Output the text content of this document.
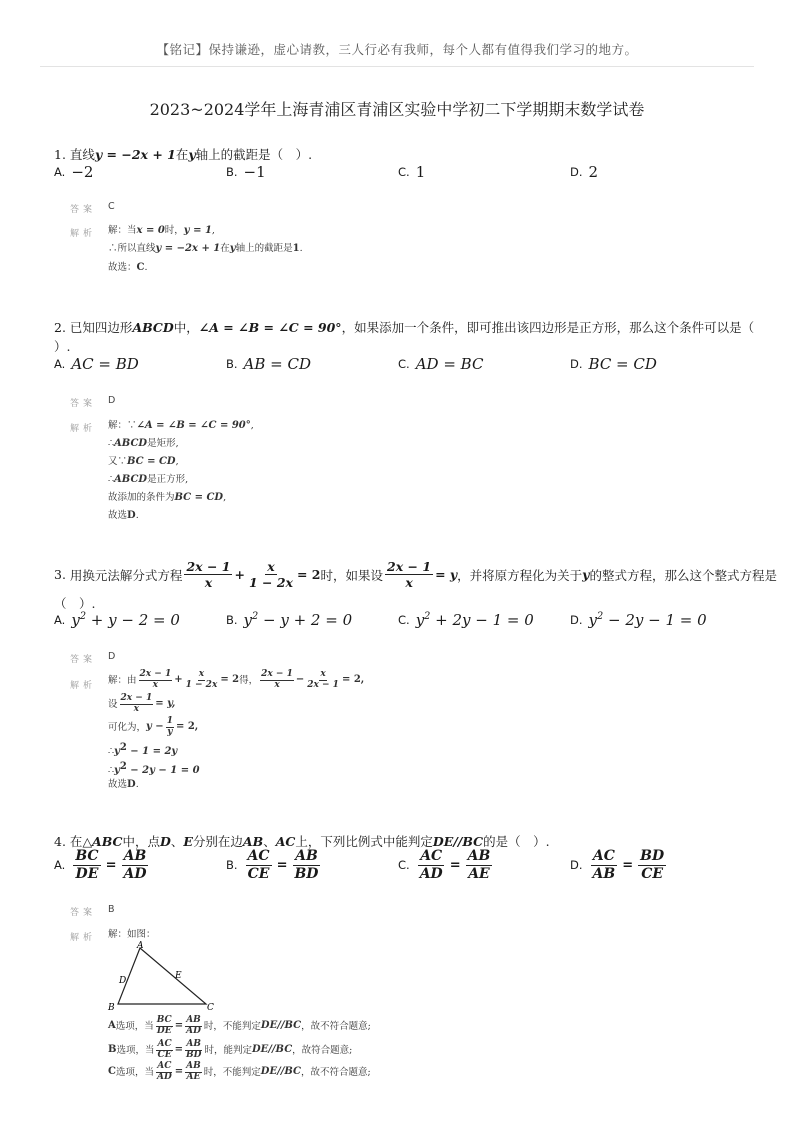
【铭记】保持谦逊，虚心请教，三人行必有我师，每个人都有值得我们学习的地方。
2023~2024学年上海青浦区青浦区实验中学初二下学期期末数学试卷
1. 直线y = −2x + 1在y轴上的截距是（　）.
A. −2	B. −1	C. 1	D. 2
答案 C
解析 解：当x = 0时，y = 1,
∴所以直线y = −2x + 1在y轴上的截距是1.
故选：C.
2. 已知四边形ABCD中，∠A = ∠B = ∠C = 90°，如果添加一个条件，即可推出该四边形是正方形，那么这个条件可以是（
）.
A. AC = BD	B. AB = CD	C. AD = BC	D. BC = CD
答案 D
解析 解：∵∠A = ∠B = ∠C = 90°,
∴ABCD是矩形,
又∵BC = CD,
∴ABCD是正方形,
故添加的条件为BC = CD,
故选D.
3.
用换元法解分式方程 $\frac{2x - 1}{x} + \frac{x}{1 - 2x} = 2$ 时，如果设 $\frac{2x - 1}{x} = y$ ，并将原方程化为关于 y 的整式方程，那么这个整式方程是
（　）.
A. $y^2 + y - 2 = 0$	B. $y^2 - y + 2 = 0$	C. $y^2 + 2y - 1 = 0$	D. $y^2 - 2y - 1 = 0$
答案 D
解析
解：由 $\frac{2x - 1}{x} + \frac{x}{1 - 2x} = 2$ 得， $\frac{2x - 1}{x} - \frac{x}{2x - 1} = 2$,
设 $\frac{2x - 1}{x} = y$,
可化为， $y - \frac{1}{y} = 2$,
∴y2 − 1 = 2y
∴y2 − 2y − 1 = 0
故选D.
4. 在△ABC中，点D、E分别在边AB、AC上，下列比例式中能判定DE//BC的是（　）.
A. $\frac{BC}{DE} = \frac{AB}{AD}$	B. $\frac{AC}{CE} = \frac{AB}{BD}$	C. $\frac{AC}{AD} = \frac{AB}{AE}$	D. $\frac{AC}{AB} = \frac{BD}{CE}$
答案 B
解析 解：如图：
A
B	C
D	E
A 选项，当 $\frac{BC}{DE} = \frac{AB}{AD}$ 时，不能判定 DE//BC ，故不符合题意;
B 选项，当 $\frac{AC}{CE} = \frac{AB}{BD}$ 时，能判定 DE//BC ，故符合题意;
C 选项，当 $\frac{AC}{AD} = \frac{AB}{AE}$ 时，不能判定 DE//BC ，故不符合题意;
